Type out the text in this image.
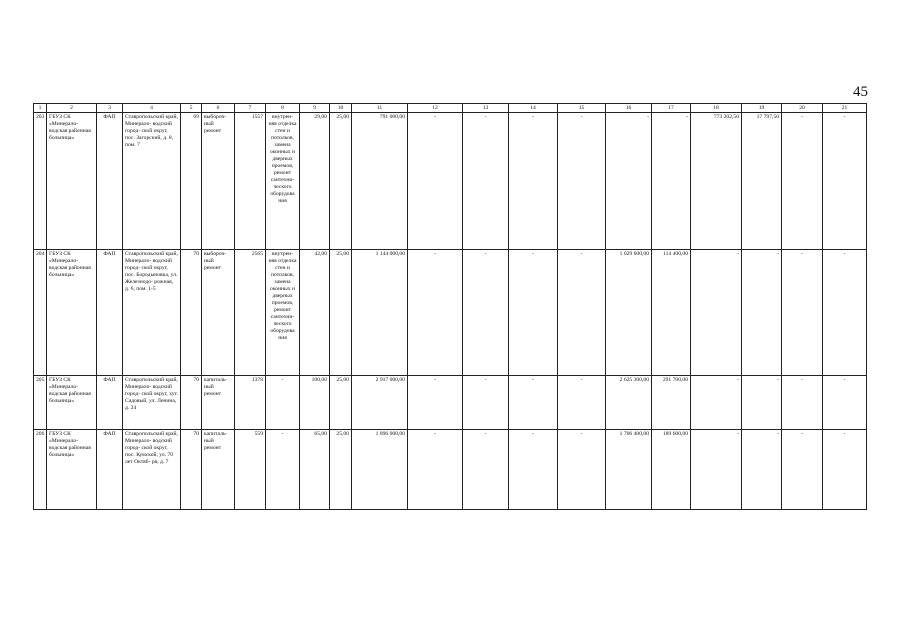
45
1	2	3	4	5	6	7	8	9	10	11	12	13	14	15	16	17	18	19	20	21
203	ГБУЗ СК «Минерало- водская районная больница»	ФАП	Ставропольский край, Минерало- водский город- ской округ, пос. Загорский, д. 8, пом. 7	69	выбороч- ный ремонт	1557	внутрен- няя отделка стен и потолков, замена оконных и дверных проемов, ремонт сантехни- ческого оборудова ния	29,00	25,00	791 000,00	-	-	-	-	-	-	773 202,50	17 797,50	-	-
204	ГБУЗ СК «Минерало- водская районная больница»	ФАП	Ставропольский край, Минерало- водский город- ской округ, пос. Бородыновка, ул. Железнодо- рожная, д. 6, пом. 1-5	70	выбороч- ный ремонт	2565	внутрен- няя отделка стен и потолков, замена оконных и дверных проемов, ремонт сантехни- ческого оборудова ния	42,00	25,00	1 144 000,00	-	-	-	-	1 029 600,00	114 400,00	-	-	-	-
205	ГБУЗ СК «Минерало- водская районная больница»	ФАП	Ставропольский край, Минерало- водский город- ской округ, хут. Садовый, ул. Ленина, д. 24	70	капиталь- ный ремонт	1378	-	100,00	25,00	2 917 000,00	-	-	-	-	2 625 300,00	291 700,00	-	-	-	-
206	ГБУЗ СК «Минерало- водская районная больница»	ФАП	Ставропольский край, Минерало- водский город- ской округ, пос. Кумской, ул. 70 лет Октяб- ря, д. 7	70	капиталь- ный ремонт	559	-	65,00	25,00	1 896 000,00	-	-	-	-	1 706 400,00	189 600,00	-	-	-	-
